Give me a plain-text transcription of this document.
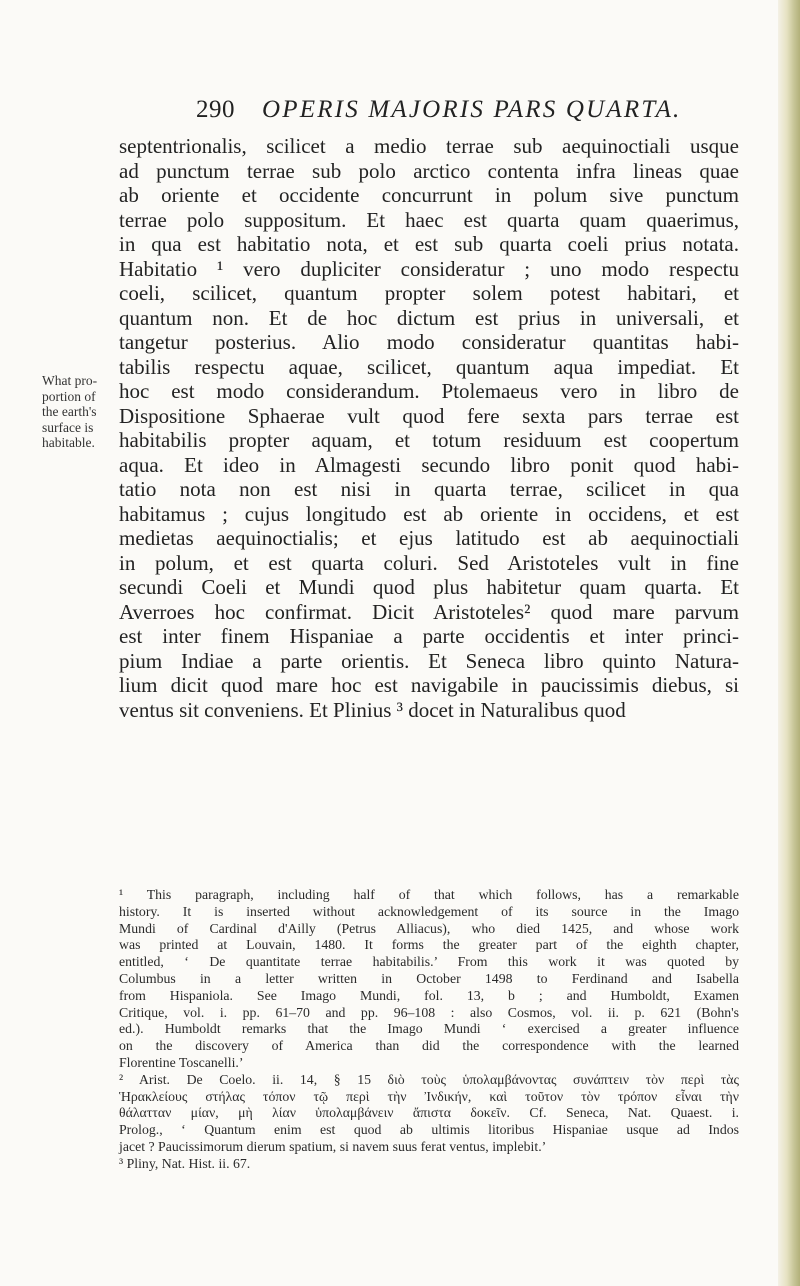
290 OPERIS MAJORIS PARS QUARTA.
What pro-
portion of
the earth's
surface is
habitable.
septentrionalis, scilicet a medio terrae sub aequinoctiali usque
ad punctum terrae sub polo arctico contenta infra lineas quae
ab oriente et occidente concurrunt in polum sive punctum
terrae polo suppositum. Et haec est quarta quam quaerimus,
in qua est habitatio nota, et est sub quarta coeli prius notata.
Habitatio ¹ vero dupliciter consideratur ; uno modo respectu
coeli, scilicet, quantum propter solem potest habitari, et
quantum non. Et de hoc dictum est prius in universali, et
tangetur posterius. Alio modo consideratur quantitas habi-
tabilis respectu aquae, scilicet, quantum aqua impediat. Et
hoc est modo considerandum. Ptolemaeus vero in libro de
Dispositione Sphaerae vult quod fere sexta pars terrae est
habitabilis propter aquam, et totum residuum est coopertum
aqua. Et ideo in Almagesti secundo libro ponit quod habi-
tatio nota non est nisi in quarta terrae, scilicet in qua
habitamus ; cujus longitudo est ab oriente in occidens, et est
medietas aequinoctialis; et ejus latitudo est ab aequinoctiali
in polum, et est quarta coluri. Sed Aristoteles vult in fine
secundi Coeli et Mundi quod plus habitetur quam quarta. Et
Averroes hoc confirmat. Dicit Aristoteles² quod mare parvum
est inter finem Hispaniae a parte occidentis et inter princi-
pium Indiae a parte orientis. Et Seneca libro quinto Natura-
lium dicit quod mare hoc est navigabile in paucissimis diebus, si
ventus sit conveniens. Et Plinius ³ docet in Naturalibus quod
¹ This paragraph, including half of that which follows, has a remarkable
history. It is inserted without acknowledgement of its source in the Imago
Mundi of Cardinal d'Ailly (Petrus Alliacus), who died 1425, and whose work
was printed at Louvain, 1480. It forms the greater part of the eighth chapter,
entitled, ‘ De quantitate terrae habitabilis.’ From this work it was quoted by
Columbus in a letter written in October 1498 to Ferdinand and Isabella
from Hispaniola. See Imago Mundi, fol. 13, b ; and Humboldt, Examen
Critique, vol. i. pp. 61–70 and pp. 96–108 : also Cosmos, vol. ii. p. 621 (Bohn's
ed.). Humboldt remarks that the Imago Mundi ‘ exercised a greater influence
on the discovery of America than did the correspondence with the learned
Florentine Toscanelli.’
² Arist. De Coelo. ii. 14, § 15 διὸ τοὺς ὑπολαμβάνοντας συνάπτειν τὸν περὶ τὰς
Ἡρακλείους στήλας τόπον τῷ περὶ τὴν Ἰνδικήν, καὶ τοῦτον τὸν τρόπον εἶναι τὴν
θάλατταν μίαν, μὴ λίαν ὑπολαμβάνειν ἄπιστα δοκεῖν. Cf. Seneca, Nat. Quaest. i.
Prolog., ‘ Quantum enim est quod ab ultimis litoribus Hispaniae usque ad Indos
jacet ? Paucissimorum dierum spatium, si navem suus ferat ventus, implebit.’
³ Pliny, Nat. Hist. ii. 67.
